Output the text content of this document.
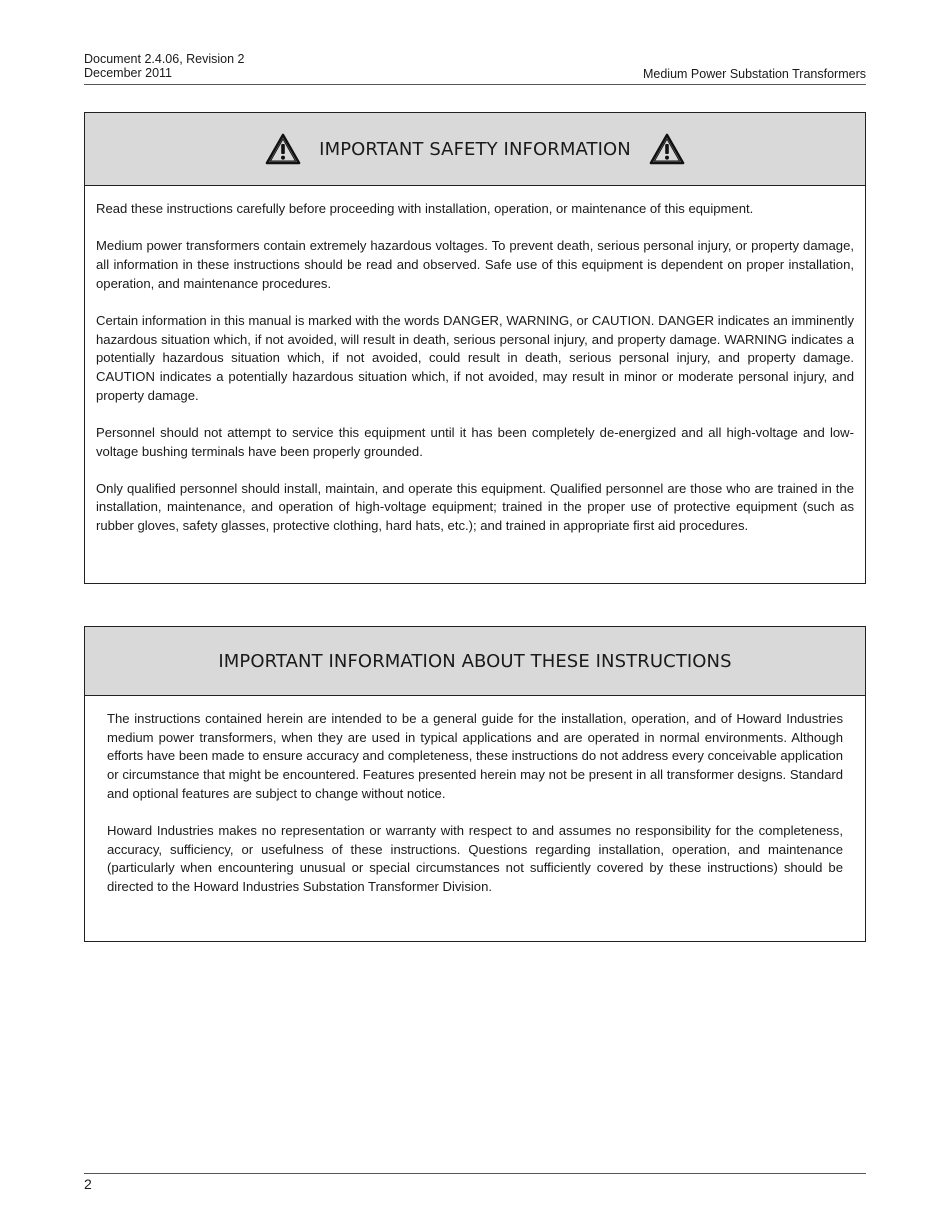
Document 2.4.06, Revision 2
December 2011	Medium Power Substation Transformers
IMPORTANT SAFETY INFORMATION

Read these instructions carefully before proceeding with installation, operation, or maintenance of this equipment.

Medium power transformers contain extremely hazardous voltages. To prevent death, serious personal injury, or property damage, all information in these instructions should be read and observed. Safe use of this equipment is dependent on proper installation, operation, and maintenance procedures.

Certain information in this manual is marked with the words DANGER, WARNING, or CAUTION. DANGER indicates an imminently hazardous situation which, if not avoided, will result in death, serious personal injury, and property damage. WARNING indicates a potentially hazardous situation which, if not avoided, could result in death, serious personal injury, and property damage. CAUTION indicates a potentially hazardous situation which, if not avoided, may result in minor or moderate personal injury, and property damage.

Personnel should not attempt to service this equipment until it has been completely de-energized and all high-voltage and low-voltage bushing terminals have been properly grounded.

Only qualified personnel should install, maintain, and operate this equipment. Qualified personnel are those who are trained in the installation, maintenance, and operation of high-voltage equipment; trained in the proper use of protective equipment (such as rubber gloves, safety glasses, protective clothing, hard hats, etc.); and trained in appropriate first aid procedures.

IMPORTANT INFORMATION ABOUT THESE INSTRUCTIONS

The instructions contained herein are intended to be a general guide for the installation, operation, and of Howard Industries medium power transformers, when they are used in typical applications and are operated in normal environments. Although efforts have been made to ensure accuracy and completeness, these instructions do not address every conceivable application or circumstance that might be encountered. Features presented herein may not be present in all transformer designs. Standard and optional features are subject to change without notice.

Howard Industries makes no representation or warranty with respect to and assumes no responsibility for the completeness, accuracy, sufficiency, or usefulness of these instructions. Questions regarding installation, operation, and maintenance (particularly when encountering unusual or special circumstances not sufficiently covered by these instructions) should be directed to the Howard Industries Substation Transformer Division.

2
